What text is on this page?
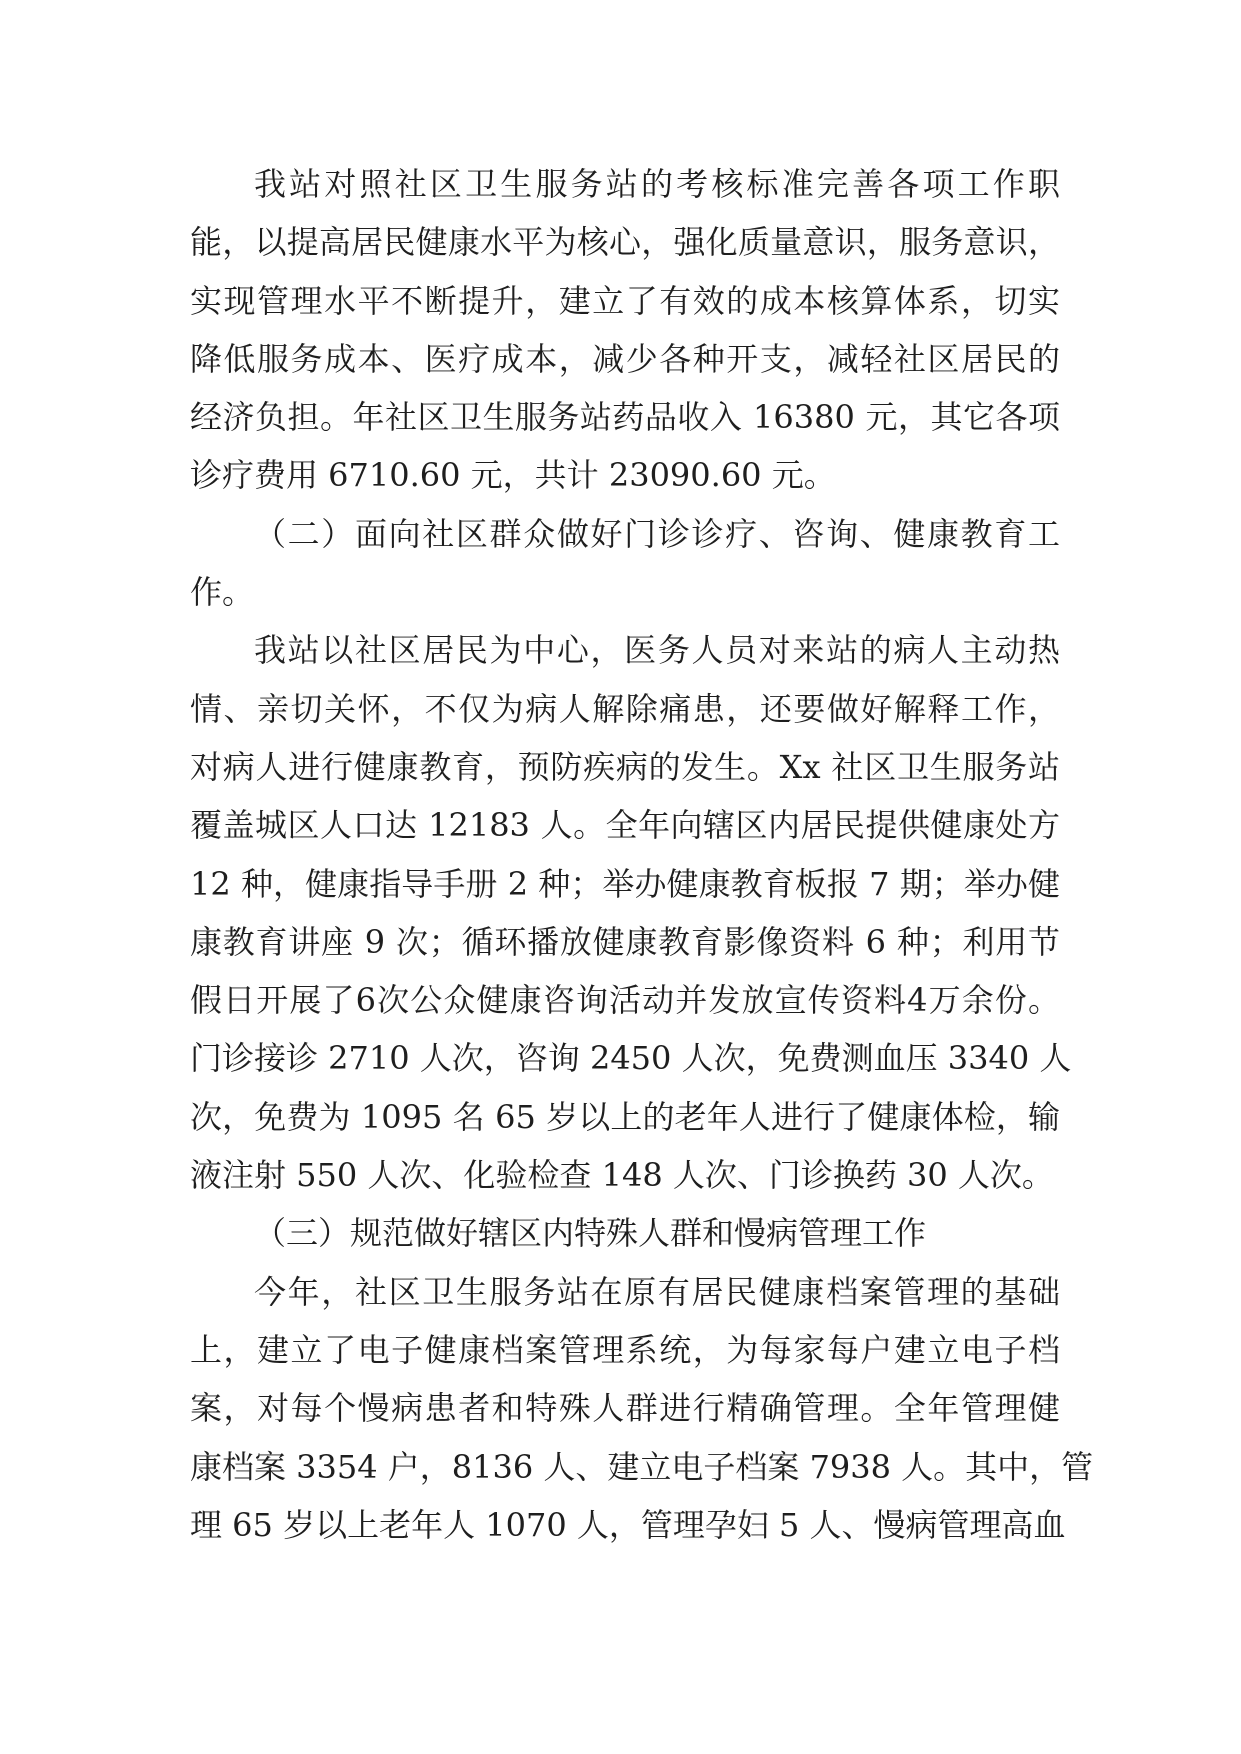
我站对照社区卫生服务站的考核标准完善各项工作职
能，以提高居民健康水平为核心，强化质量意识，服务意识，
实现管理水平不断提升，建立了有效的成本核算体系，切实
降低服务成本、医疗成本，减少各种开支，减轻社区居民的
经济负担。年社区卫生服务站药品收入 16380 元，其它各项
诊疗费用 6710.60 元，共计 23090.60 元。
（二）面向社区群众做好门诊诊疗、咨询、健康教育工
作。
我站以社区居民为中心，医务人员对来站的病人主动热
情、亲切关怀，不仅为病人解除痛患，还要做好解释工作，
对病人进行健康教育，预防疾病的发生。Xx 社区卫生服务站
覆盖城区人口达 12183 人。全年向辖区内居民提供健康处方
12 种，健康指导手册 2 种；举办健康教育板报 7 期；举办健
康教育讲座 9 次；循环播放健康教育影像资料 6 种；利用节
假日开展了6次公众健康咨询活动并发放宣传资料4万余份。
门诊接诊 2710 人次，咨询 2450 人次，免费测血压 3340 人
次，免费为 1095 名 65 岁以上的老年人进行了健康体检，输
液注射 550 人次、化验检查 148 人次、门诊换药 30 人次。
（三）规范做好辖区内特殊人群和慢病管理工作
今年，社区卫生服务站在原有居民健康档案管理的基础
上，建立了电子健康档案管理系统，为每家每户建立电子档
案，对每个慢病患者和特殊人群进行精确管理。全年管理健
康档案 3354 户，8136 人、建立电子档案 7938 人。其中，管
理 65 岁以上老年人 1070 人，管理孕妇 5 人、慢病管理高血
